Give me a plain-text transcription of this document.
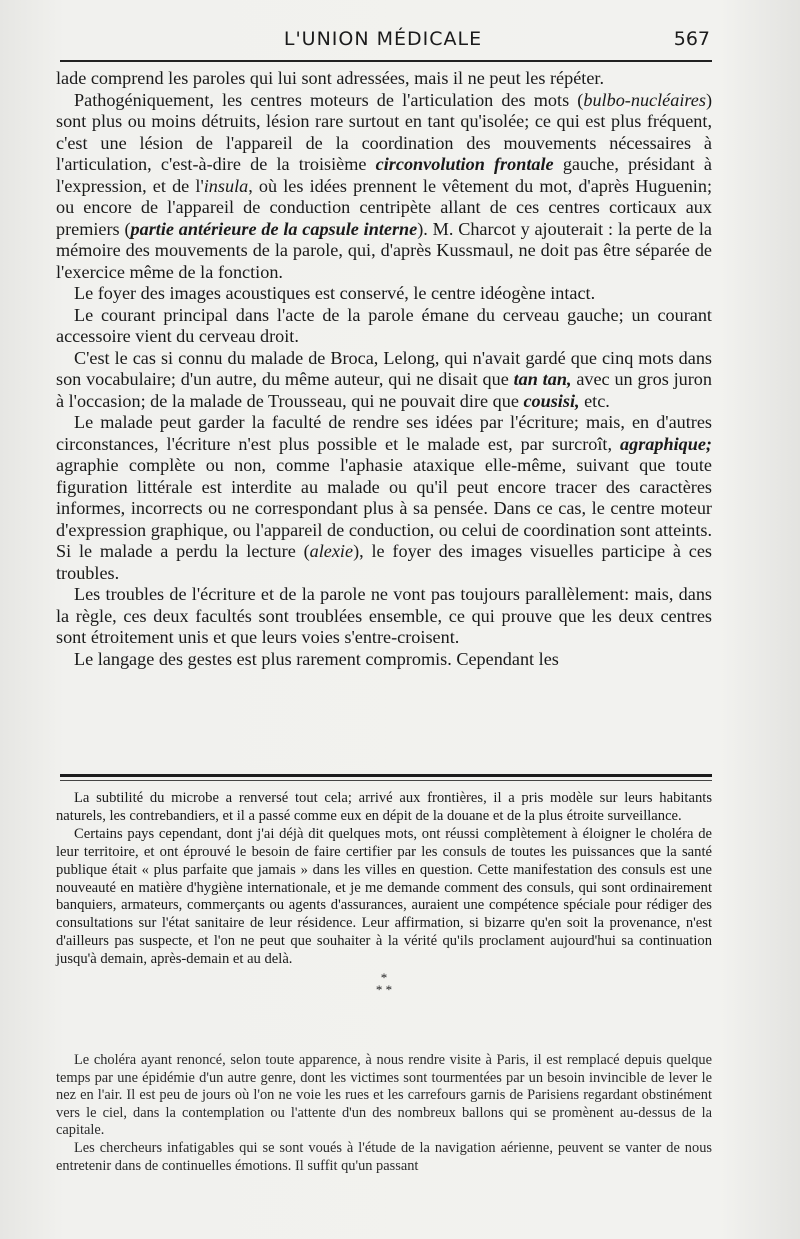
L'UNION MÉDICALE	567

lade comprend les paroles qui lui sont adressées, mais il ne peut les répéter.

Pathogéniquement, les centres moteurs de l'articulation des mots (bulbo-nucléaires) sont plus ou moins détruits, lésion rare surtout en tant qu'isolée; ce qui est plus fréquent, c'est une lésion de l'appareil de la coordination des mouvements nécessaires à l'articulation, c'est-à-dire de la troisième circonvolution frontale gauche, présidant à l'expression, et de l'insula, où les idées prennent le vêtement du mot, d'après Huguenin; ou encore de l'appareil de conduction centripète allant de ces centres corticaux aux premiers (partie antérieure de la capsule interne). M. Charcot y ajouterait : la perte de la mémoire des mouvements de la parole, qui, d'après Kussmaul, ne doit pas être séparée de l'exercice même de la fonction.

Le foyer des images acoustiques est conservé, le centre idéogène intact.

Le courant principal dans l'acte de la parole émane du cerveau gauche; un courant accessoire vient du cerveau droit.

C'est le cas si connu du malade de Broca, Lelong, qui n'avait gardé que cinq mots dans son vocabulaire; d'un autre, du même auteur, qui ne disait que tan tan, avec un gros juron à l'occasion; de la malade de Trousseau, qui ne pouvait dire que cousisi, etc.

Le malade peut garder la faculté de rendre ses idées par l'écriture; mais, en d'autres circonstances, l'écriture n'est plus possible et le malade est, par surcroît, agraphique; agraphie complète ou non, comme l'aphasie ataxique elle-même, suivant que toute figuration littérale est interdite au malade ou qu'il peut encore tracer des caractères informes, incorrects ou ne correspondant plus à sa pensée. Dans ce cas, le centre moteur d'expression graphique, ou l'appareil de conduction, ou celui de coordination sont atteints. Si le malade a perdu la lecture (alexie), le foyer des images visuelles participe à ces troubles.

Les troubles de l'écriture et de la parole ne vont pas toujours parallèlement: mais, dans la règle, ces deux facultés sont troublées ensemble, ce qui prouve que les deux centres sont étroitement unis et que leurs voies s'entre-croisent.

Le langage des gestes est plus rarement compromis. Cependant les

La subtilité du microbe a renversé tout cela; arrivé aux frontières, il a pris modèle sur leurs habitants naturels, les contrebandiers, et il a passé comme eux en dépit de la douane et de la plus étroite surveillance.

Certains pays cependant, dont j'ai déjà dit quelques mots, ont réussi complètement à éloigner le choléra de leur territoire, et ont éprouvé le besoin de faire certifier par les consuls de toutes les puissances que la santé publique était « plus parfaite que jamais » dans les villes en question. Cette manifestation des consuls est une nouveauté en matière d'hygiène internationale, et je me demande comment des consuls, qui sont ordinairement banquiers, armateurs, commerçants ou agents d'assurances, auraient une compétence spéciale pour rédiger des consultations sur l'état sanitaire de leur résidence. Leur affirmation, si bizarre qu'en soit la provenance, n'est d'ailleurs pas suspecte, et l'on ne peut que souhaiter à la vérité qu'ils proclament aujourd'hui sa continuation jusqu'à demain, après-demain et au delà.

*
* *

Le choléra ayant renoncé, selon toute apparence, à nous rendre visite à Paris, il est remplacé depuis quelque temps par une épidémie d'un autre genre, dont les victimes sont tourmentées par un besoin invincible de lever le nez en l'air. Il est peu de jours où l'on ne voie les rues et les carrefours garnis de Parisiens regardant obstinément vers le ciel, dans la contemplation ou l'attente d'un des nombreux ballons qui se promènent au-dessus de la capitale.

Les chercheurs infatigables qui se sont voués à l'étude de la navigation aérienne, peuvent se vanter de nous entretenir dans de continuelles émotions. Il suffit qu'un passant
